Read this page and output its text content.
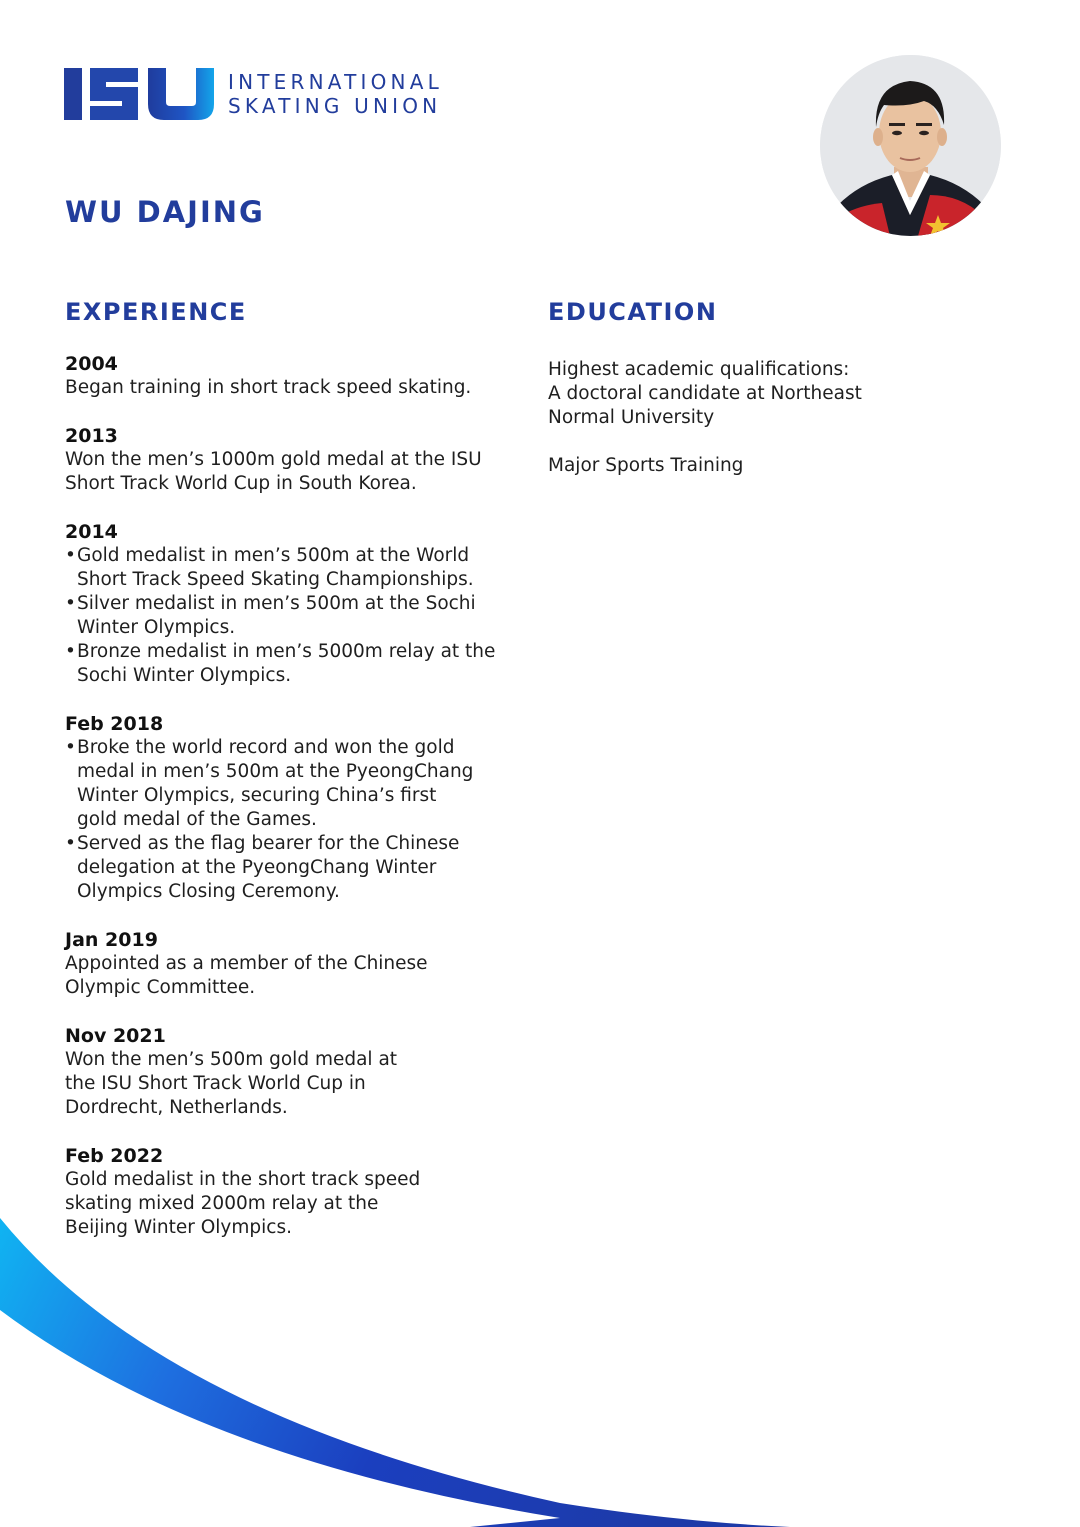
INTERNATIONAL
SKATING UNION
WU DAJING
EXPERIENCE	EDUCATION
2004
Began training in short track speed skating.
2013
Won the men’s 1000m gold medal at the ISU
Short Track World Cup in South Korea.
2014
• Gold medalist in men’s 500m at the World
Short Track Speed Skating Championships.
• Silver medalist in men’s 500m at the Sochi
Winter Olympics.
• Bronze medalist in men’s 5000m relay at the
Sochi Winter Olympics.
Feb 2018
• Broke the world record and won the gold
medal in men’s 500m at the PyeongChang
Winter Olympics, securing China’s first
gold medal of the Games.
• Served as the flag bearer for the Chinese
delegation at the PyeongChang Winter
Olympics Closing Ceremony.
Jan 2019
Appointed as a member of the Chinese
Olympic Committee.
Nov 2021
Won the men’s 500m gold medal at
the ISU Short Track World Cup in
Dordrecht, Netherlands.
Feb 2022
Gold medalist in the short track speed
skating mixed 2000m relay at the
Beijing Winter Olympics.
Highest academic qualifications:
A doctoral candidate at Northeast
Normal University
Major Sports Training
